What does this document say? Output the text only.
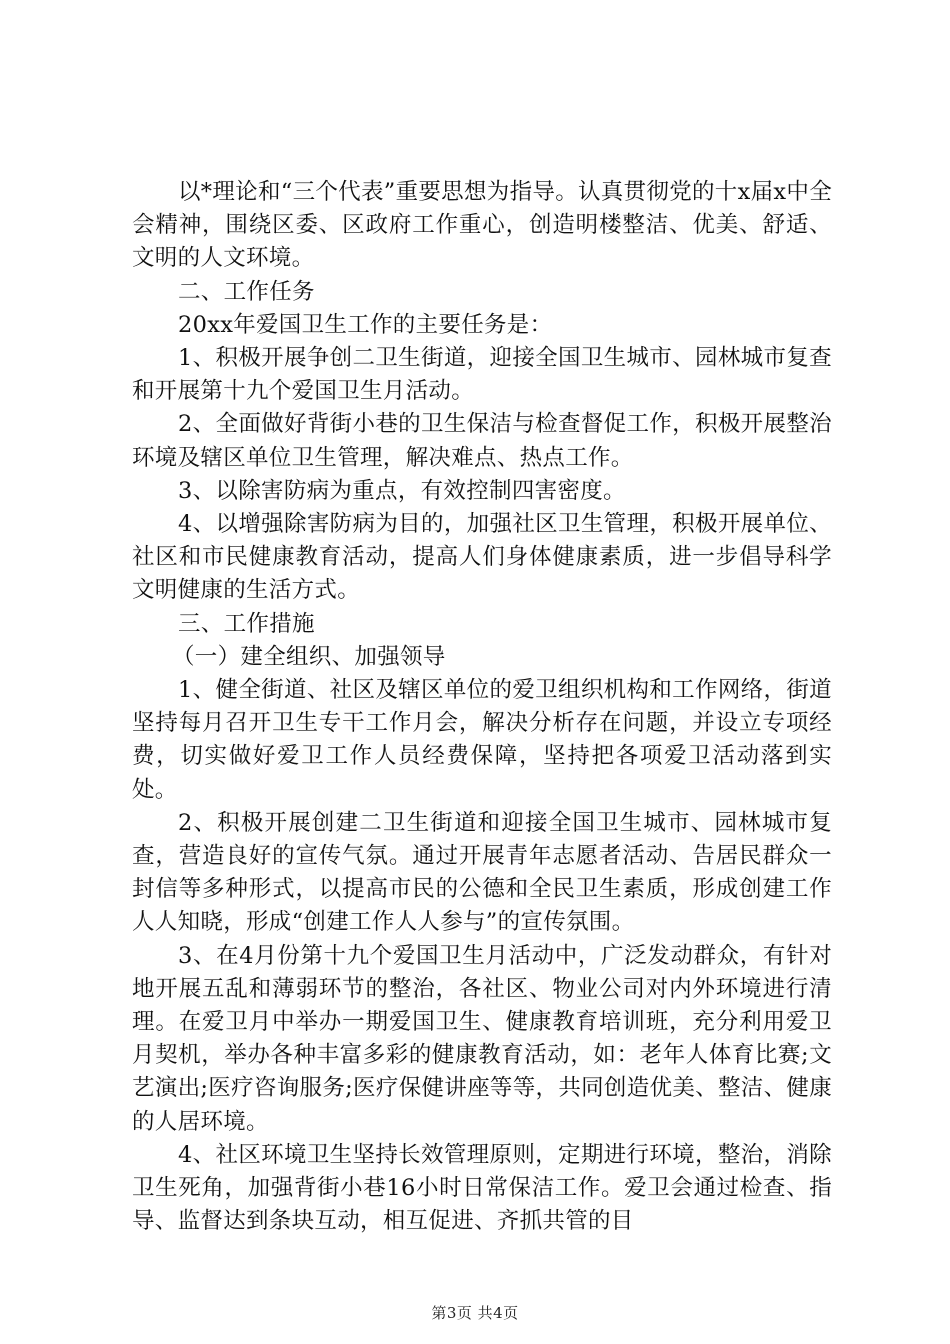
以*理论和“三个代表”重要思想为指导。认真贯彻党的十x届x中全会精神，围绕区委、区政府工作重心，创造明楼整洁、优美、舒适、文明的人文环境。

二、工作任务

20xx年爱国卫生工作的主要任务是：

1、积极开展争创二卫生街道，迎接全国卫生城市、园林城市复查和开展第十九个爱国卫生月活动。

2、全面做好背街小巷的卫生保洁与检查督促工作，积极开展整治环境及辖区单位卫生管理，解决难点、热点工作。

3、以除害防病为重点，有效控制四害密度。

4、以增强除害防病为目的，加强社区卫生管理，积极开展单位、社区和市民健康教育活动，提高人们身体健康素质，进一步倡导科学文明健康的生活方式。

三、工作措施

（一）建全组织、加强领导

1、健全街道、社区及辖区单位的爱卫组织机构和工作网络，街道坚持每月召开卫生专干工作月会，解决分析存在问题，并设立专项经费，切实做好爱卫工作人员经费保障，坚持把各项爱卫活动落到实处。

2、积极开展创建二卫生街道和迎接全国卫生城市、园林城市复查，营造良好的宣传气氛。通过开展青年志愿者活动、告居民群众一封信等多种形式，以提高市民的公德和全民卫生素质，形成创建工作人人知晓，形成“创建工作人人参与”的宣传氛围。

3、在4月份第十九个爱国卫生月活动中，广泛发动群众，有针对地开展五乱和薄弱环节的整治，各社区、物业公司对内外环境进行清理。在爱卫月中举办一期爱国卫生、健康教育培训班，充分利用爱卫月契机，举办各种丰富多彩的健康教育活动，如：老年人体育比赛;文艺演出;医疗咨询服务;医疗保健讲座等等，共同创造优美、整洁、健康的人居环境。

4、社区环境卫生坚持长效管理原则，定期进行环境，整治，消除卫生死角，加强背街小巷16小时日常保洁工作。爱卫会通过检查、指导、监督达到条块互动，相互促进、齐抓共管的目

第3页 共4页
